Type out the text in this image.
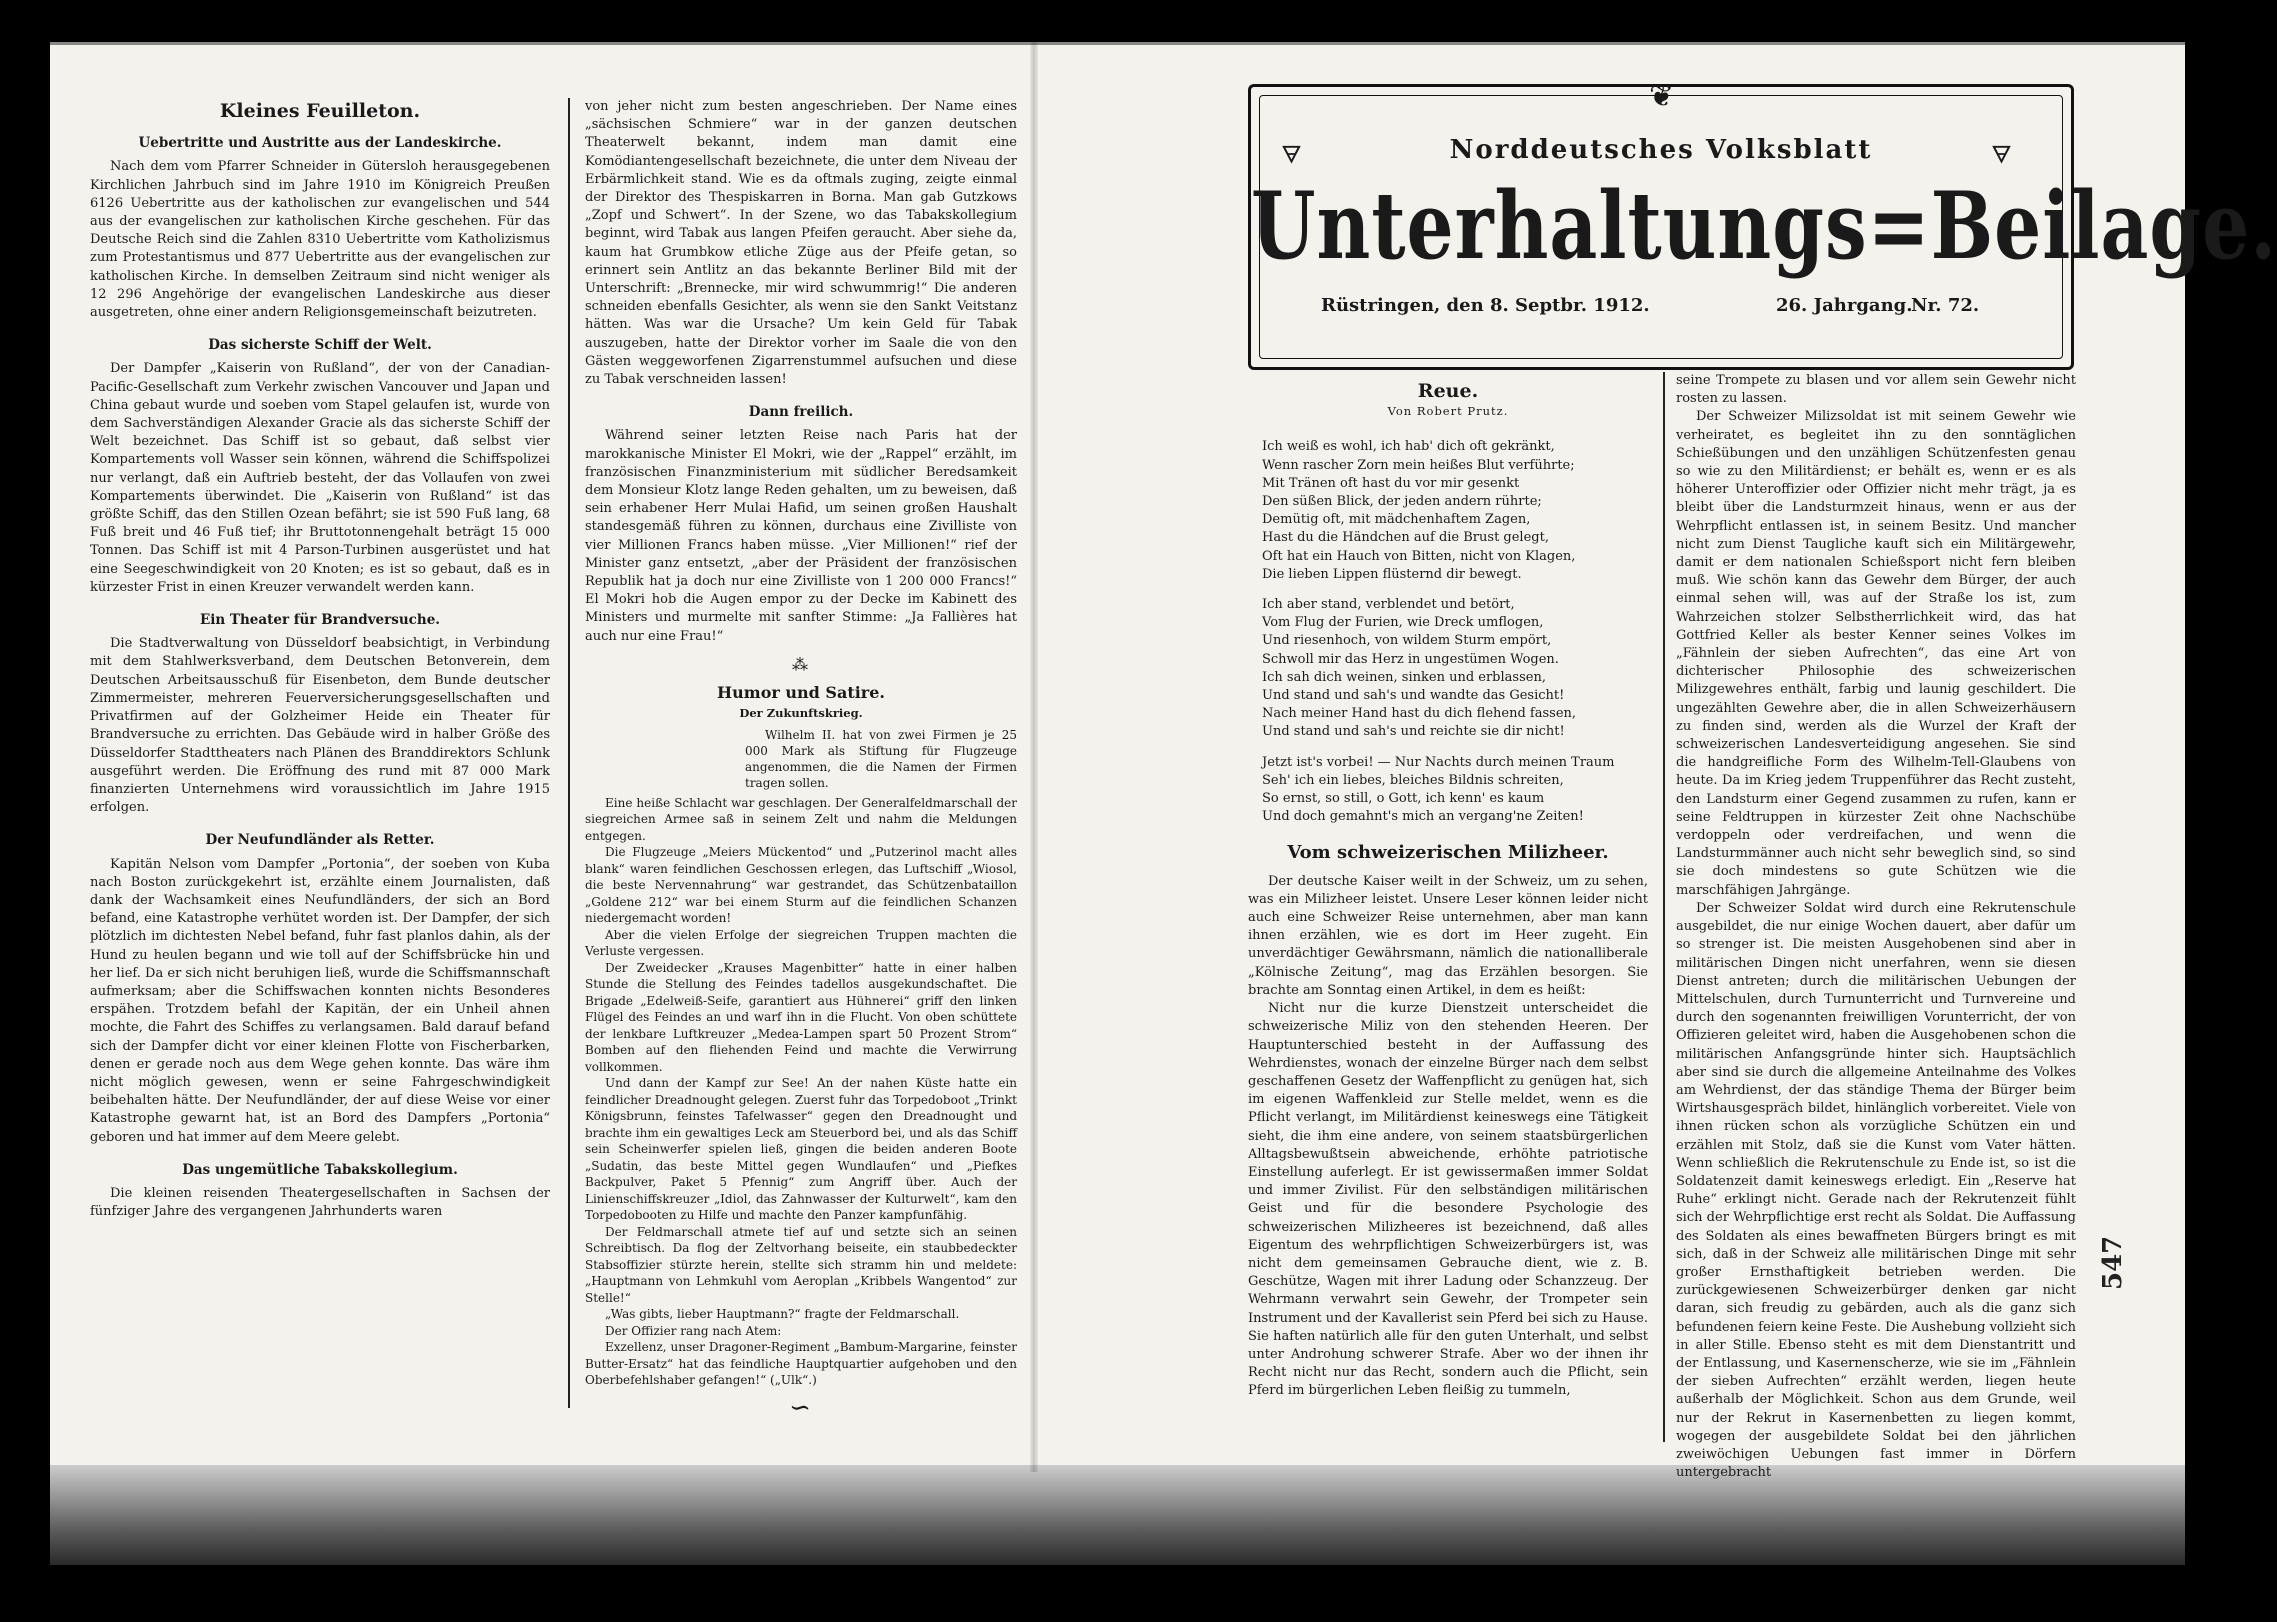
Kleines Feuilleton.

Uebertritte und Austritte aus der Landeskirche.

Nach dem vom Pfarrer Schneider in Gütersloh herausgegebenen Kirchlichen Jahrbuch sind im Jahre 1910 im Königreich Preußen 6126 Uebertritte aus der katholischen zur evangelischen und 544 aus der evangelischen zur katholischen Kirche geschehen. Für das Deutsche Reich sind die Zahlen 8310 Uebertritte vom Katholizismus zum Protestantismus und 877 Uebertritte aus der evangelischen zur katholischen Kirche. In demselben Zeitraum sind nicht weniger als 12 296 Angehörige der evangelischen Landeskirche aus dieser ausgetreten, ohne einer andern Religionsgemeinschaft beizutreten.

Das sicherste Schiff der Welt.

Der Dampfer „Kaiserin von Rußland“, der von der Canadian-Pacific-Gesellschaft zum Verkehr zwischen Vancouver und Japan und China gebaut wurde und soeben vom Stapel gelaufen ist, wurde von dem Sachverständigen Alexander Gracie als das sicherste Schiff der Welt bezeichnet. Das Schiff ist so gebaut, daß selbst vier Kompartements voll Wasser sein können, während die Schiffspolizei nur verlangt, daß ein Auftrieb besteht, der das Vollaufen von zwei Kompartements überwindet. Die „Kaiserin von Rußland“ ist das größte Schiff, das den Stillen Ozean befährt; sie ist 590 Fuß lang, 68 Fuß breit und 46 Fuß tief; ihr Bruttotonnengehalt beträgt 15 000 Tonnen. Das Schiff ist mit 4 Parson-Turbinen ausgerüstet und hat eine Seegeschwindigkeit von 20 Knoten; es ist so gebaut, daß es in kürzester Frist in einen Kreuzer verwandelt werden kann.

Ein Theater für Brandversuche.

Die Stadtverwaltung von Düsseldorf beabsichtigt, in Verbindung mit dem Stahlwerksverband, dem Deutschen Betonverein, dem Deutschen Arbeitsausschuß für Eisenbeton, dem Bunde deutscher Zimmermeister, mehreren Feuerversicherungsgesellschaften und Privatfirmen auf der Golzheimer Heide ein Theater für Brandversuche zu errichten. Das Gebäude wird in halber Größe des Düsseldorfer Stadttheaters nach Plänen des Branddirektors Schlunk ausgeführt werden. Die Eröffnung des rund mit 87 000 Mark finanzierten Unternehmens wird voraussichtlich im Jahre 1915 erfolgen.

Der Neufundländer als Retter.

Kapitän Nelson vom Dampfer „Portonia“, der soeben von Kuba nach Boston zurückgekehrt ist, erzählte einem Journalisten, daß dank der Wachsamkeit eines Neufundländers, der sich an Bord befand, eine Katastrophe verhütet worden ist. Der Dampfer, der sich plötzlich im dichtesten Nebel befand, fuhr fast planlos dahin, als der Hund zu heulen begann und wie toll auf der Schiffsbrücke hin und her lief. Da er sich nicht beruhigen ließ, wurde die Schiffsmannschaft aufmerksam; aber die Schiffswachen konnten nichts Besonderes erspähen. Trotzdem befahl der Kapitän, der ein Unheil ahnen mochte, die Fahrt des Schiffes zu verlangsamen. Bald darauf befand sich der Dampfer dicht vor einer kleinen Flotte von Fischerbarken, denen er gerade noch aus dem Wege gehen konnte. Das wäre ihm nicht möglich gewesen, wenn er seine Fahrgeschwindigkeit beibehalten hätte. Der Neufundländer, der auf diese Weise vor einer Katastrophe gewarnt hat, ist an Bord des Dampfers „Portonia“ geboren und hat immer auf dem Meere gelebt.

Das ungemütliche Tabakskollegium.

Die kleinen reisenden Theatergesellschaften in Sachsen der fünfziger Jahre des vergangenen Jahrhunderts waren

von jeher nicht zum besten angeschrieben. Der Name eines „sächsischen Schmiere“ war in der ganzen deutschen Theaterwelt bekannt, indem man damit eine Komödiantengesellschaft bezeichnete, die unter dem Niveau der Erbärmlichkeit stand. Wie es da oftmals zuging, zeigte einmal der Direktor des Thespiskarren in Borna. Man gab Gutzkows „Zopf und Schwert“. In der Szene, wo das Tabakskollegium beginnt, wird Tabak aus langen Pfeifen geraucht. Aber siehe da, kaum hat Grumbkow etliche Züge aus der Pfeife getan, so erinnert sein Antlitz an das bekannte Berliner Bild mit der Unterschrift: „Brennecke, mir wird schwummrig!“ Die anderen schneiden ebenfalls Gesichter, als wenn sie den Sankt Veitstanz hätten. Was war die Ursache? Um kein Geld für Tabak auszugeben, hatte der Direktor vorher im Saale die von den Gästen weggeworfenen Zigarrenstummel aufsuchen und diese zu Tabak verschneiden lassen!

Dann freilich.

Während seiner letzten Reise nach Paris hat der marokkanische Minister El Mokri, wie der „Rappel“ erzählt, im französischen Finanzministerium mit südlicher Beredsamkeit dem Monsieur Klotz lange Reden gehalten, um zu beweisen, daß sein erhabener Herr Mulai Hafid, um seinen großen Haushalt standesgemäß führen zu können, durchaus eine Zivilliste von vier Millionen Francs haben müsse. „Vier Millionen!“ rief der Minister ganz entsetzt, „aber der Präsident der französischen Republik hat ja doch nur eine Zivilliste von 1 200 000 Francs!“ El Mokri hob die Augen empor zu der Decke im Kabinett des Ministers und murmelte mit sanfter Stimme: „Ja Fallières hat auch nur eine Frau!“

⁂

Humor und Satire.

Der Zukunftskrieg.

Wilhelm II. hat von zwei Firmen je 25 000 Mark als Stiftung für Flugzeuge angenommen, die die Namen der Firmen tragen sollen.

Eine heiße Schlacht war geschlagen. Der Generalfeldmarschall der siegreichen Armee saß in seinem Zelt und nahm die Meldungen entgegen.

Die Flugzeuge „Meiers Mückentod“ und „Putzerinol macht alles blank“ waren feindlichen Geschossen erlegen, das Luftschiff „Wiosol, die beste Nervennahrung“ war gestrandet, das Schützenbataillon „Goldene 212“ war bei einem Sturm auf die feindlichen Schanzen niedergemacht worden!

Aber die vielen Erfolge der siegreichen Truppen machten die Verluste vergessen.

Der Zweidecker „Krauses Magenbitter“ hatte in einer halben Stunde die Stellung des Feindes tadellos ausgekundschaftet. Die Brigade „Edelweiß-Seife, garantiert aus Hühnerei“ griff den linken Flügel des Feindes an und warf ihn in die Flucht. Von oben schüttete der lenkbare Luftkreuzer „Medea-Lampen spart 50 Prozent Strom“ Bomben auf den fliehenden Feind und machte die Verwirrung vollkommen.

Und dann der Kampf zur See! An der nahen Küste hatte ein feindlicher Dreadnought gelegen. Zuerst fuhr das Torpedoboot „Trinkt Königsbrunn, feinstes Tafelwasser“ gegen den Dreadnought und brachte ihm ein gewaltiges Leck am Steuerbord bei, und als das Schiff sein Scheinwerfer spielen ließ, gingen die beiden anderen Boote „Sudatin, das beste Mittel gegen Wundlaufen“ und „Piefkes Backpulver, Paket 5 Pfennig“ zum Angriff über. Auch der Linienschiffskreuzer „Idiol, das Zahnwasser der Kulturwelt“, kam den Torpedobooten zu Hilfe und machte den Panzer kampfunfähig.

Der Feldmarschall atmete tief auf und setzte sich an seinen Schreibtisch. Da flog der Zeltvorhang beiseite, ein staubbedeckter Stabsoffizier stürzte herein, stellte sich stramm hin und meldete: „Hauptmann von Lehmkuhl vom Aeroplan „Kribbels Wangentod“ zur Stelle!“

„Was gibts, lieber Hauptmann?“ fragte der Feldmarschall.

Der Offizier rang nach Atem:

Exzellenz, unser Dragoner-Regiment „Bambum-Margarine, feinster Butter-Ersatz“ hat das feindliche Hauptquartier aufgehoben und den Oberbefehlshaber gefangen!“ („Ulk“.)

∽
❦
🜃	🜃
Norddeutsches Volksblatt
Unterhaltungs=Beilage.
Rüstringen, den 8. Septbr. 1912.	26. Jahrgang.
Nr. 72.

Reue.

Von Robert Prutz.

Ich weiß es wohl, ich hab' dich oft gekränkt,

Wenn rascher Zorn mein heißes Blut verführte;

Mit Tränen oft hast du vor mir gesenkt

Den süßen Blick, der jeden andern rührte;

Demütig oft, mit mädchenhaftem Zagen,

Hast du die Händchen auf die Brust gelegt,

Oft hat ein Hauch von Bitten, nicht von Klagen,

Die lieben Lippen flüsternd dir bewegt.

Ich aber stand, verblendet und betört,

Vom Flug der Furien, wie Dreck umflogen,

Und riesenhoch, von wildem Sturm empört,

Schwoll mir das Herz in ungestümen Wogen.

Ich sah dich weinen, sinken und erblassen,

Und stand und sah's und wandte das Gesicht!

Nach meiner Hand hast du dich flehend fassen,

Und stand und sah's und reichte sie dir nicht!

Jetzt ist's vorbei! — Nur Nachts durch meinen Traum

Seh' ich ein liebes, bleiches Bildnis schreiten,

So ernst, so still, o Gott, ich kenn' es kaum

Und doch gemahnt's mich an vergang'ne Zeiten!

Vom schweizerischen Milizheer.

Der deutsche Kaiser weilt in der Schweiz, um zu sehen, was ein Milizheer leistet. Unsere Leser können leider nicht auch eine Schweizer Reise unternehmen, aber man kann ihnen erzählen, wie es dort im Heer zugeht. Ein unverdächtiger Gewährsmann, nämlich die nationalliberale „Kölnische Zeitung“, mag das Erzählen besorgen. Sie brachte am Sonntag einen Artikel, in dem es heißt:

Nicht nur die kurze Dienstzeit unterscheidet die schweizerische Miliz von den stehenden Heeren. Der Hauptunterschied besteht in der Auffassung des Wehrdienstes, wonach der einzelne Bürger nach dem selbst geschaffenen Gesetz der Waffenpflicht zu genügen hat, sich im eigenen Waffenkleid zur Stelle meldet, wenn es die Pflicht verlangt, im Militärdienst keineswegs eine Tätigkeit sieht, die ihm eine andere, von seinem staatsbürgerlichen Alltagsbewußtsein abweichende, erhöhte patriotische Einstellung auferlegt. Er ist gewissermaßen immer Soldat und immer Zivilist. Für den selbständigen militärischen Geist und für die besondere Psychologie des schweizerischen Milizheeres ist bezeichnend, daß alles Eigentum des wehrpflichtigen Schweizerbürgers ist, was nicht dem gemeinsamen Gebrauche dient, wie z. B. Geschütze, Wagen mit ihrer Ladung oder Schanzzeug. Der Wehrmann verwahrt sein Gewehr, der Trompeter sein Instrument und der Kavallerist sein Pferd bei sich zu Hause. Sie haften natürlich alle für den guten Unterhalt, und selbst unter Androhung schwerer Strafe. Aber wo der ihnen ihr Recht nicht nur das Recht, sondern auch die Pflicht, sein Pferd im bürgerlichen Leben fleißig zu tummeln,

seine Trompete zu blasen und vor allem sein Gewehr nicht rosten zu lassen.

Der Schweizer Milizsoldat ist mit seinem Gewehr wie verheiratet, es begleitet ihn zu den sonntäglichen Schießübungen und den unzähligen Schützenfesten genau so wie zu den Militärdienst; er behält es, wenn er es als höherer Unteroffizier oder Offizier nicht mehr trägt, ja es bleibt über die Landsturmzeit hinaus, wenn er aus der Wehrpflicht entlassen ist, in seinem Besitz. Und mancher nicht zum Dienst Taugliche kauft sich ein Militärgewehr, damit er dem nationalen Schießsport nicht fern bleiben muß. Wie schön kann das Gewehr dem Bürger, der auch einmal sehen will, was auf der Straße los ist, zum Wahrzeichen stolzer Selbstherrlichkeit wird, das hat Gottfried Keller als bester Kenner seines Volkes im „Fähnlein der sieben Aufrechten“, das eine Art von dichterischer Philosophie des schweizerischen Milizgewehres enthält, farbig und launig geschildert. Die ungezählten Gewehre aber, die in allen Schweizerhäusern zu finden sind, werden als die Wurzel der Kraft der schweizerischen Landesverteidigung angesehen. Sie sind die handgreifliche Form des Wilhelm-Tell-Glaubens von heute. Da im Krieg jedem Truppenführer das Recht zusteht, den Landsturm einer Gegend zusammen zu rufen, kann er seine Feldtruppen in kürzester Zeit ohne Nachschübe verdoppeln oder verdreifachen, und wenn die Landsturmmänner auch nicht sehr beweglich sind, so sind sie doch mindestens so gute Schützen wie die marschfähigen Jahrgänge.

Der Schweizer Soldat wird durch eine Rekrutenschule ausgebildet, die nur einige Wochen dauert, aber dafür um so strenger ist. Die meisten Ausgehobenen sind aber in militärischen Dingen nicht unerfahren, wenn sie diesen Dienst antreten; durch die militärischen Uebungen der Mittelschulen, durch Turnunterricht und Turnvereine und durch den sogenannten freiwilligen Vorunterricht, der von Offizieren geleitet wird, haben die Ausgehobenen schon die militärischen Anfangsgründe hinter sich. Hauptsächlich aber sind sie durch die allgemeine Anteilnahme des Volkes am Wehrdienst, der das ständige Thema der Bürger beim Wirtshausgespräch bildet, hinlänglich vorbereitet. Viele von ihnen rücken schon als vorzügliche Schützen ein und erzählen mit Stolz, daß sie die Kunst vom Vater hätten. Wenn schließlich die Rekrutenschule zu Ende ist, so ist die Soldatenzeit damit keineswegs erledigt. Ein „Reserve hat Ruhe“ erklingt nicht. Gerade nach der Rekrutenzeit fühlt sich der Wehrpflichtige erst recht als Soldat. Die Auffassung des Soldaten als eines bewaffneten Bürgers bringt es mit sich, daß in der Schweiz alle militärischen Dinge mit sehr großer Ernsthaftigkeit betrieben werden. Die zurückgewiesenen Schweizerbürger denken gar nicht daran, sich freudig zu gebärden, auch als die ganz sich befundenen feiern keine Feste. Die Aushebung vollzieht sich in aller Stille. Ebenso steht es mit dem Dienstantritt und der Entlassung, und Kasernenscherze, wie sie im „Fähnlein der sieben Aufrechten“ erzählt werden, liegen heute außerhalb der Möglichkeit. Schon aus dem Grunde, weil nur der Rekrut in Kasernenbetten zu liegen kommt, wogegen der ausgebildete Soldat bei den jährlichen zweiwöchigen Uebungen fast immer in Dörfern untergebracht

547
